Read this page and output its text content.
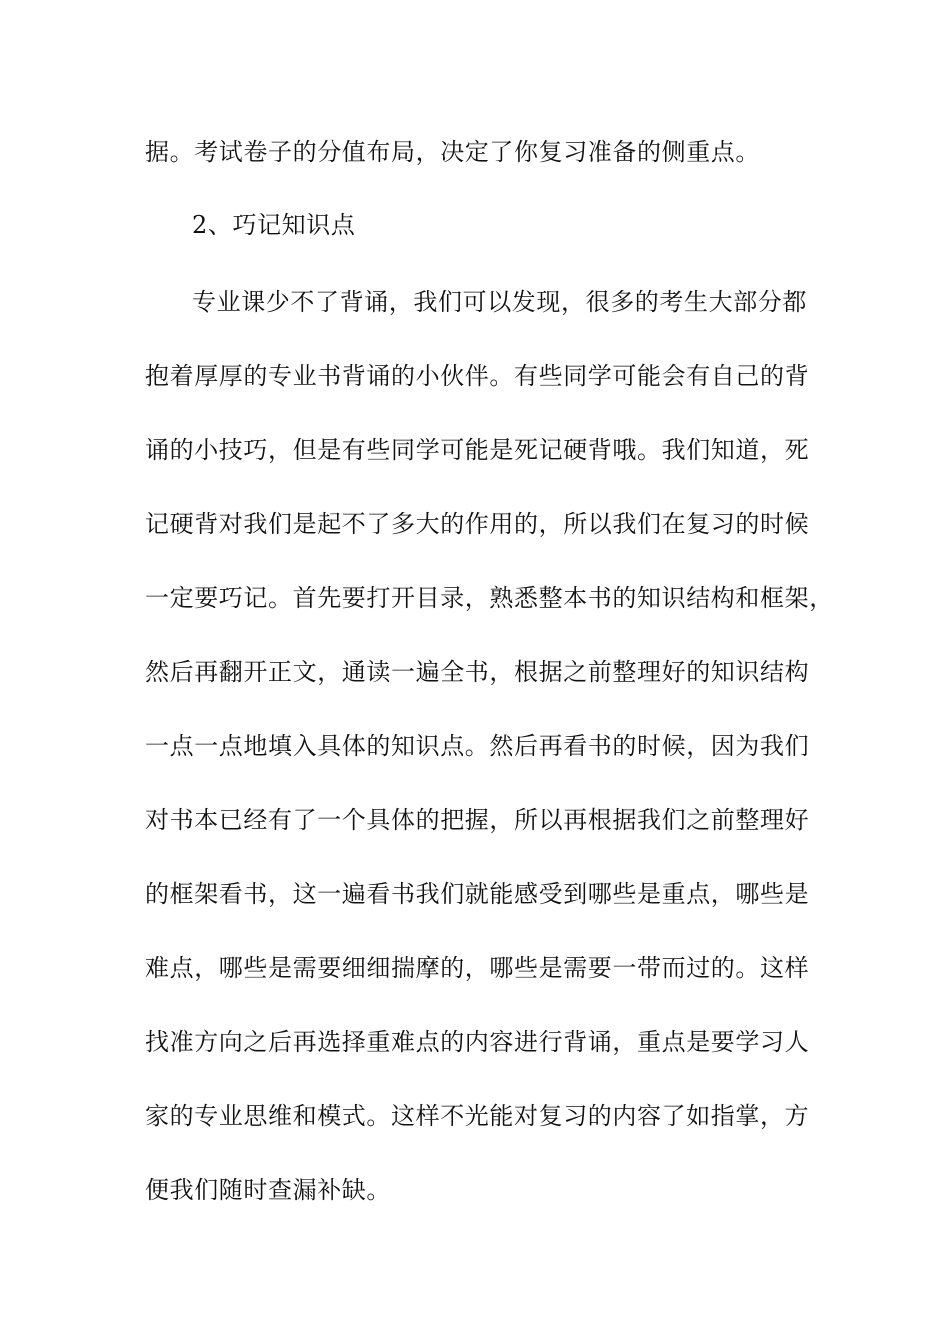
据。考试卷子的分值布局，决定了你复习准备的侧重点。
2、巧记知识点
专业课少不了背诵，我们可以发现，很多的考生大部分都
抱着厚厚的专业书背诵的小伙伴。有些同学可能会有自己的背
诵的小技巧，但是有些同学可能是死记硬背哦。我们知道，死
记硬背对我们是起不了多大的作用的，所以我们在复习的时候
一定要巧记。首先要打开目录，熟悉整本书的知识结构和框架，
然后再翻开正文，通读一遍全书，根据之前整理好的知识结构
一点一点地填入具体的知识点。然后再看书的时候，因为我们
对书本已经有了一个具体的把握，所以再根据我们之前整理好
的框架看书，这一遍看书我们就能感受到哪些是重点，哪些是
难点，哪些是需要细细揣摩的，哪些是需要一带而过的。这样
找准方向之后再选择重难点的内容进行背诵，重点是要学习人
家的专业思维和模式。这样不光能对复习的内容了如指掌，方
便我们随时查漏补缺。
